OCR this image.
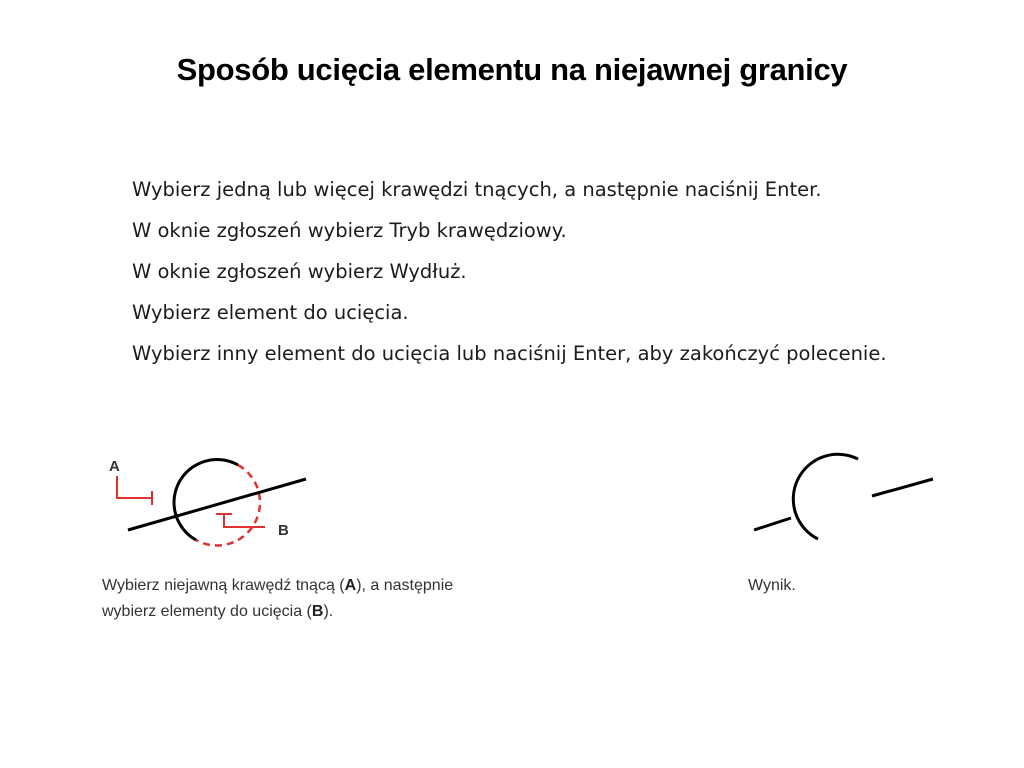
Sposób ucięcia elementu na niejawnej granicy
Wybierz jedną lub więcej krawędzi tnących, a następnie naciśnij Enter.
W oknie zgłoszeń wybierz Tryb krawędziowy.
W oknie zgłoszeń wybierz Wydłuż.
Wybierz element do ucięcia.
Wybierz inny element do ucięcia lub naciśnij Enter, aby zakończyć polecenie.
A
B
Wybierz niejawną krawędź tnącą (A), a następnie
wybierz elementy do ucięcia (B).
Wynik.
